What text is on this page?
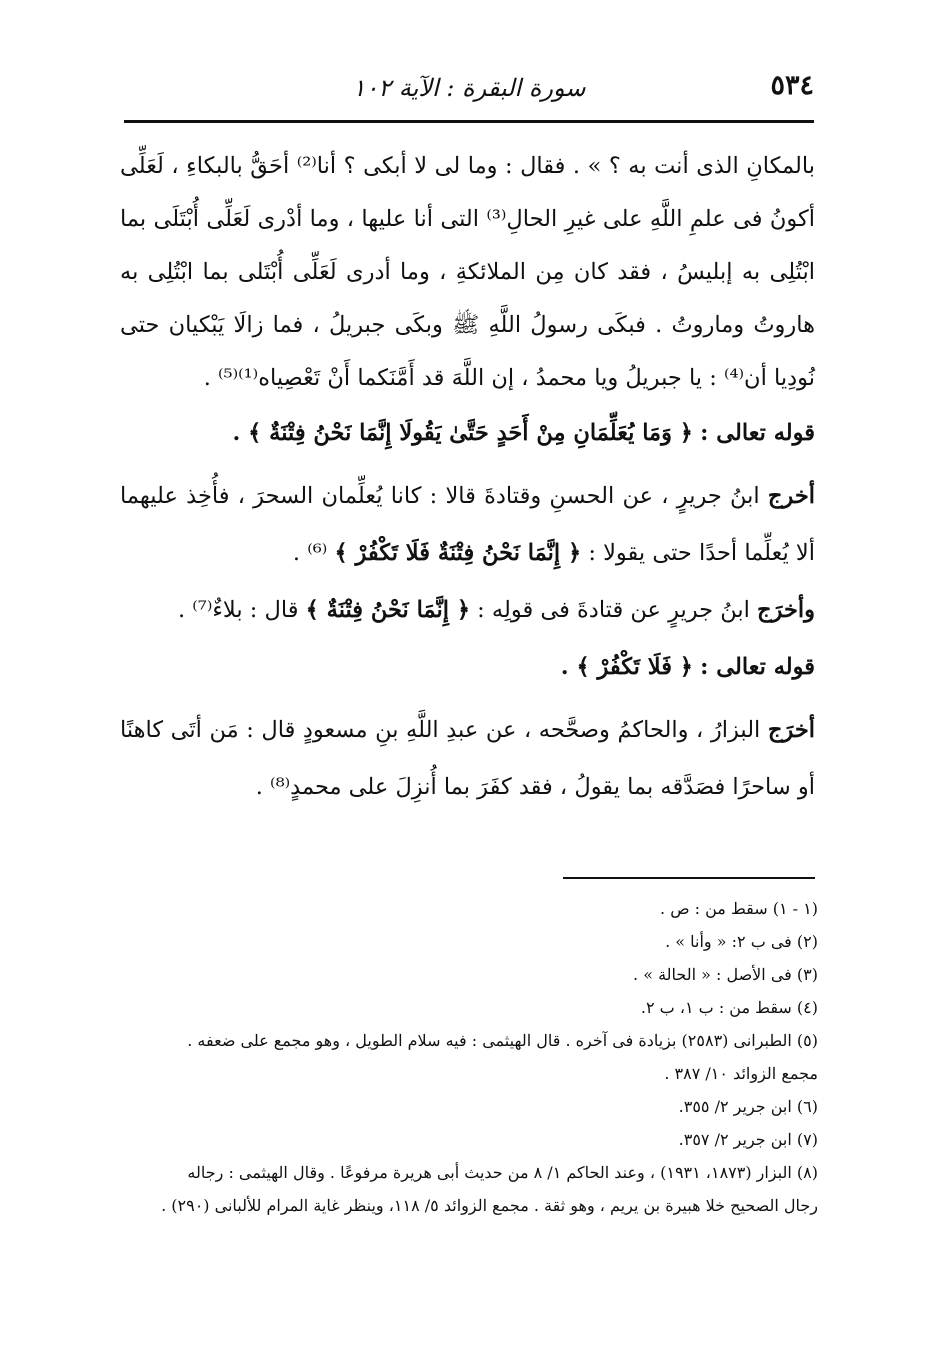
٥٣٤
سورة البقرة : الآية ١٠٢

بالمكانِ الذى أنت به ؟ » . فقال : وما لى لا أبكى ؟ أنا⁽²⁾ أحَقُّ بالبكاءِ ، لَعَلِّى أكونُ فى علمِ اللَّهِ على غيرِ الحالِ⁽³⁾ التى أنا عليها ، وما أدْرى لَعَلِّى أُبْتَلَى بما ابْتُلِى به إبليسُ ، فقد كان مِن الملائكةِ ، وما أدرى لَعَلِّى أُبْتَلى بما ابْتُلِى به هاروتُ وماروتُ . فبكَى رسولُ اللَّهِ ﷺ وبكَى جبريلُ ، فما زالَا يَبْكيان حتى نُودِيا أن⁽⁴⁾ : يا جبريلُ ويا محمدُ ، إن اللَّهَ قد أَمَّنَكما أَنْ تَعْصِياه⁽¹⁾⁽⁵⁾ .

قوله تعالى : ﴿ وَمَا يُعَلِّمَانِ مِنْ أَحَدٍ حَتَّىٰ يَقُولَا إِنَّمَا نَحْنُ فِتْنَةٌ ﴾ .

أخرج ابنُ جريرٍ ، عن الحسنِ وقتادةَ قالا : كانا يُعلِّمان السحرَ ، فأُخِذ عليهما ألا يُعلِّما أحدًا حتى يقولا : ﴿ إِنَّمَا نَحْنُ فِتْنَةٌ فَلَا تَكْفُرْ ﴾ ⁽⁶⁾ .

وأخرَج ابنُ جريرٍ عن قتادةَ فى قولِه : ﴿ إِنَّمَا نَحْنُ فِتْنَةٌ ﴾ قال : بلاءٌ⁽⁷⁾ .

قوله تعالى : ﴿ فَلَا تَكْفُرْ ﴾ .

أخرَج البزارُ ، والحاكمُ وصحَّحه ، عن عبدِ اللَّهِ بنِ مسعودٍ قال : مَن أتَى كاهنًا أو ساحرًا فصَدَّقه بما يقولُ ، فقد كفَرَ بما أُنزِلَ على محمدٍ⁽⁸⁾ .

(١ - ١) سقط من : ص .

(٢) فى ب ٢: « وأنا » .

(٣) فى الأصل : « الحالة » .

(٤) سقط من : ب ١، ب ٢.

(٥) الطبرانى (٢٥٨٣) بزيادة فى آخره . قال الهيثمى : فيه سلام الطويل ، وهو مجمع على ضعفه .

مجمع الزوائد ١٠/ ٣٨٧ .

(٦) ابن جرير ٢/ ٣٥٥.

(٧) ابن جرير ٢/ ٣٥٧.

(٨) البزار (١٨٧٣، ١٩٣١) ، وعند الحاكم ١/ ٨ من حديث أبى هريرة مرفوعًا . وقال الهيثمى : رجاله

رجال الصحيح خلا هبيرة بن يريم ، وهو ثقة . مجمع الزوائد ٥/ ١١٨، وينظر غاية المرام للألبانى (٢٩٠) .
